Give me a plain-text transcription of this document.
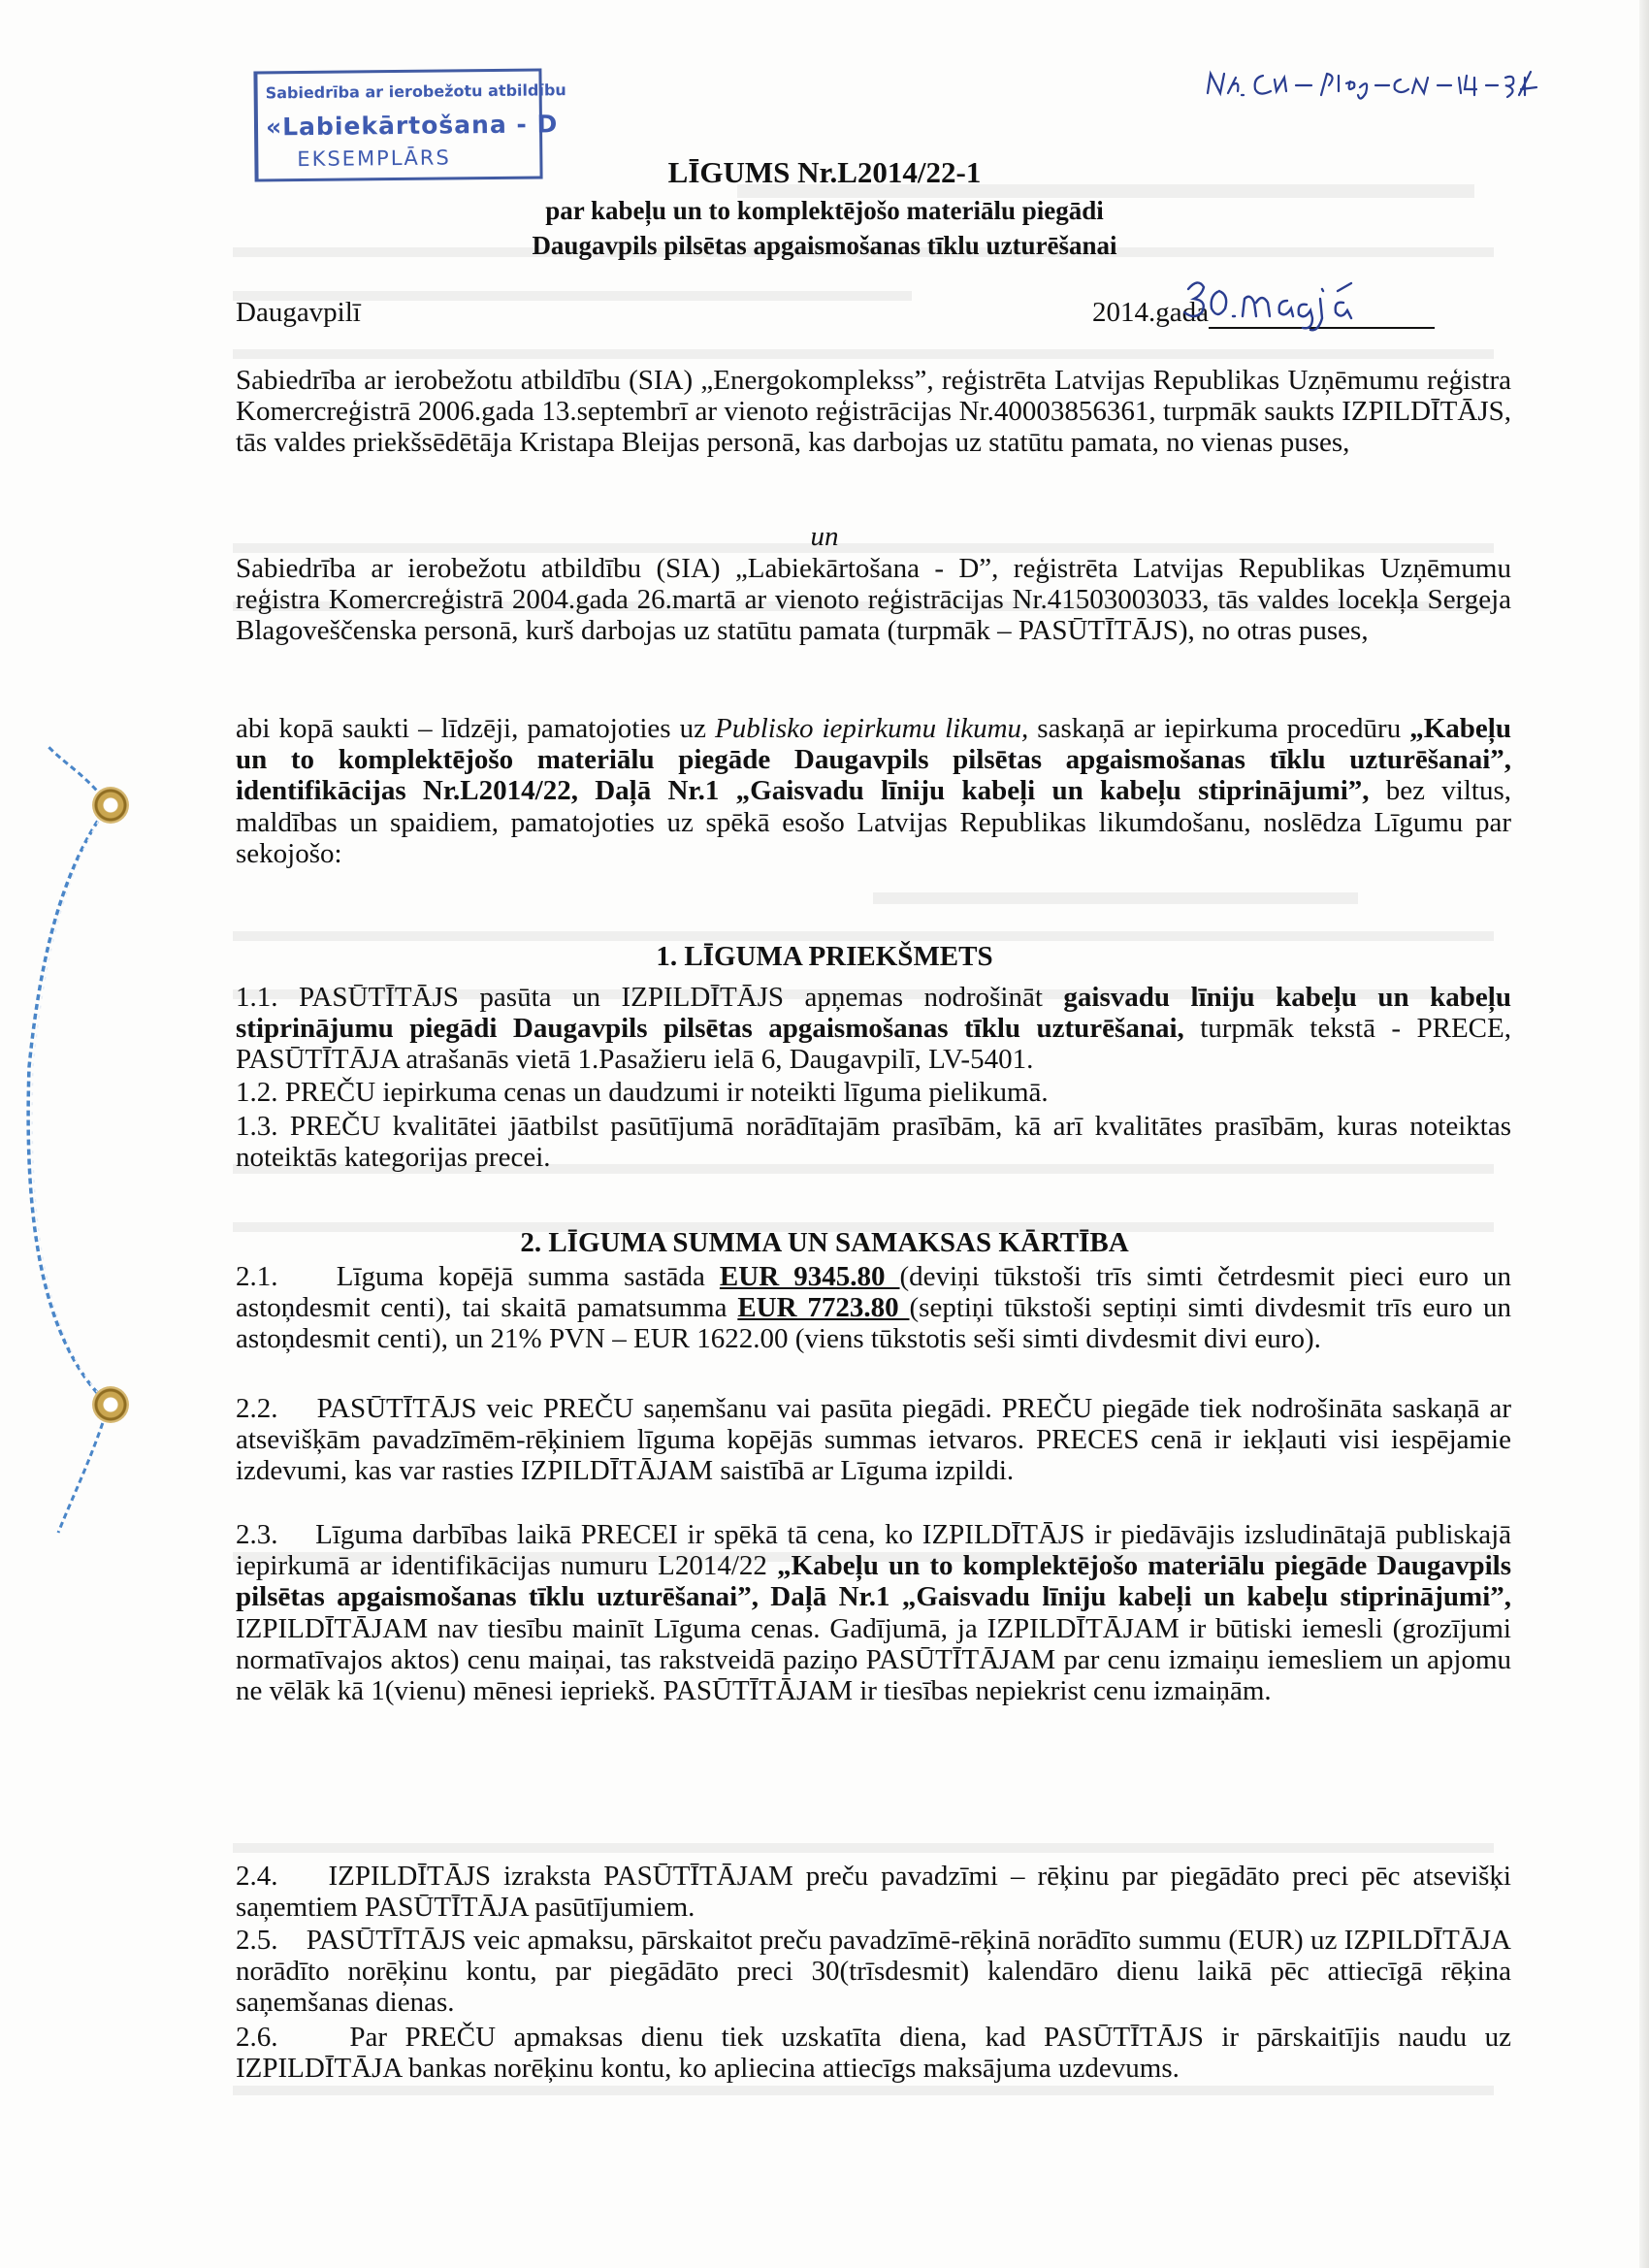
Sabiedrība ar ierobežotu atbildību
«Labiekārtošana - D
EKSEMPLĀRS	LĪGUMS Nr.L2014/22-1
par kabeļu un to komplektējošo materiālu piegādi
Daugavpils pilsētas apgaismošanas tīklu uzturēšanai
Daugavpilī	2014.gada

Sabiedrība ar ierobežotu atbildību (SIA) „Energokomplekss”, reģistrēta Latvijas Republikas Uzņēmumu reģistra Komercreģistrā 2006.gada 13.septembrī ar vienoto reģistrācijas Nr.40003856361, turpmāk saukts IZPILDĪTĀJS, tās valdes priekšsēdētāja Kristapa Bleijas personā, kas darbojas uz statūtu pamata, no vienas puses,

un

Sabiedrība ar ierobežotu atbildību (SIA) „Labiekārtošana - D”, reģistrēta Latvijas Republikas Uzņēmumu reģistra Komercreģistrā 2004.gada 26.martā ar vienoto reģistrācijas Nr.41503003033, tās valdes locekļa Sergeja Blagoveščenska personā, kurš darbojas uz statūtu pamata (turpmāk – PASŪTĪTĀJS), no otras puses,

abi kopā saukti – līdzēji, pamatojoties uz Publisko iepirkumu likumu, saskaņā ar iepirkuma procedūru „Kabeļu un to komplektējošo materiālu piegāde Daugavpils pilsētas apgaismošanas tīklu uzturēšanai”, identifikācijas Nr.L2014/22, Daļā Nr.1 „Gaisvadu līniju kabeļi un kabeļu stiprinājumi”, bez viltus, maldības un spaidiem, pamatojoties uz spēkā esošo Latvijas Republikas likumdošanu, noslēdza Līgumu par sekojošo:

1. LĪGUMA PRIEKŠMETS

1.1. PASŪTĪTĀJS pasūta un IZPILDĪTĀJS apņemas nodrošināt gaisvadu līniju kabeļu un kabeļu stiprinājumu piegādi Daugavpils pilsētas apgaismošanas tīklu uzturēšanai, turpmāk tekstā - PRECE, PASŪTĪTĀJA atrašanās vietā 1.Pasažieru ielā 6, Daugavpilī, LV-5401.

1.2. PREČU iepirkuma cenas un daudzumi ir noteikti līguma pielikumā.

1.3. PREČU kvalitātei jāatbilst pasūtījumā norādītajām prasībām, kā arī kvalitātes prasībām, kuras noteiktas noteiktās kategorijas precei.

2. LĪGUMA SUMMA UN SAMAKSAS KĀRTĪBA

2.1. Līguma kopējā summa sastāda EUR 9345.80 (deviņi tūkstoši trīs simti četrdesmit pieci euro un astoņdesmit centi), tai skaitā pamatsumma EUR 7723.80 (septiņi tūkstoši septiņi simti divdesmit trīs euro un astoņdesmit centi), un 21% PVN – EUR 1622.00 (viens tūkstotis seši simti divdesmit divi euro).

2.2. PASŪTĪTĀJS veic PREČU saņemšanu vai pasūta piegādi. PREČU piegāde tiek nodrošināta saskaņā ar atsevišķām pavadzīmēm-rēķiniem līguma kopējās summas ietvaros. PRECES cenā ir iekļauti visi iespējamie izdevumi, kas var rasties IZPILDĪTĀJAM saistībā ar Līguma izpildi.

2.3. Līguma darbības laikā PRECEI ir spēkā tā cena, ko IZPILDĪTĀJS ir piedāvājis izsludinātajā publiskajā iepirkumā ar identifikācijas numuru L2014/22 „Kabeļu un to komplektējošo materiālu piegāde Daugavpils pilsētas apgaismošanas tīklu uzturēšanai”, Daļā Nr.1 „Gaisvadu līniju kabeļi un kabeļu stiprinājumi”, IZPILDĪTĀJAM nav tiesību mainīt Līguma cenas. Gadījumā, ja IZPILDĪTĀJAM ir būtiski iemesli (grozījumi normatīvajos aktos) cenu maiņai, tas rakstveidā paziņo PASŪTĪTĀJAM par cenu izmaiņu iemesliem un apjomu ne vēlāk kā 1(vienu) mēnesi iepriekš. PASŪTĪTĀJAM ir tiesības nepiekrist cenu izmaiņām.

2.4. IZPILDĪTĀJS izraksta PASŪTĪTĀJAM preču pavadzīmi – rēķinu par piegādāto preci pēc atsevišķi saņemtiem PASŪTĪTĀJA pasūtījumiem.

2.5. PASŪTĪTĀJS veic apmaksu, pārskaitot preču pavadzīmē-rēķinā norādīto summu (EUR) uz IZPILDĪTĀJA norādīto norēķinu kontu, par piegādāto preci 30(trīsdesmit) kalendāro dienu laikā pēc attiecīgā rēķina saņemšanas dienas.

2.6.	Par PREČU apmaksas dienu tiek uzskatīta diena, kad PASŪTĪTĀJS ir pārskaitījis naudu uz IZPILDĪTĀJA bankas norēķinu kontu, ko apliecina attiecīgs maksājuma uzdevums.
